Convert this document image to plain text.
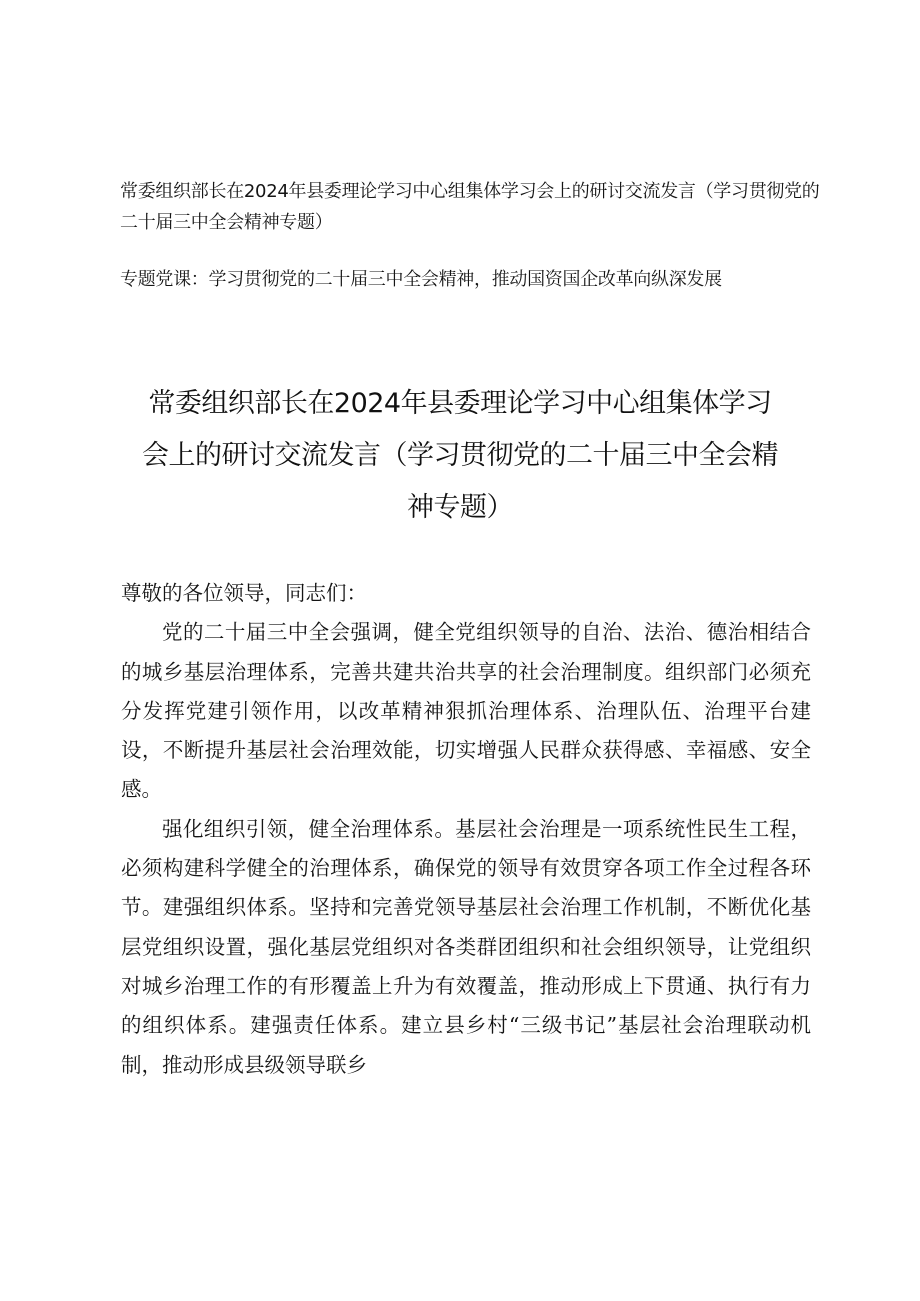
常委组织部长在2024年县委理论学习中心组集体学习会上的研讨交流发言（学习贯彻党的二十届三中全会精神专题）

专题党课：学习贯彻党的二十届三中全会精神，推动国资国企改革向纵深发展

常委组织部长在2024年县委理论学习中心组集体学习会上的研讨交流发言（学习贯彻党的二十届三中全会精神专题）

尊敬的各位领导，同志们：

党的二十届三中全会强调，健全党组织领导的自治、法治、德治相结合的城乡基层治理体系，完善共建共治共享的社会治理制度。组织部门必须充分发挥党建引领作用，以改革精神狠抓治理体系、治理队伍、治理平台建设，不断提升基层社会治理效能，切实增强人民群众获得感、幸福感、安全感。

强化组织引领，健全治理体系。基层社会治理是一项系统性民生工程，必须构建科学健全的治理体系，确保党的领导有效贯穿各项工作全过程各环节。建强组织体系。坚持和完善党领导基层社会治理工作机制，不断优化基层党组织设置，强化基层党组织对各类群团组织和社会组织领导，让党组织对城乡治理工作的有形覆盖上升为有效覆盖，推动形成上下贯通、执行有力的组织体系。建强责任体系。建立县乡村“三级书记”基层社会治理联动机制，推动形成县级领导联乡
